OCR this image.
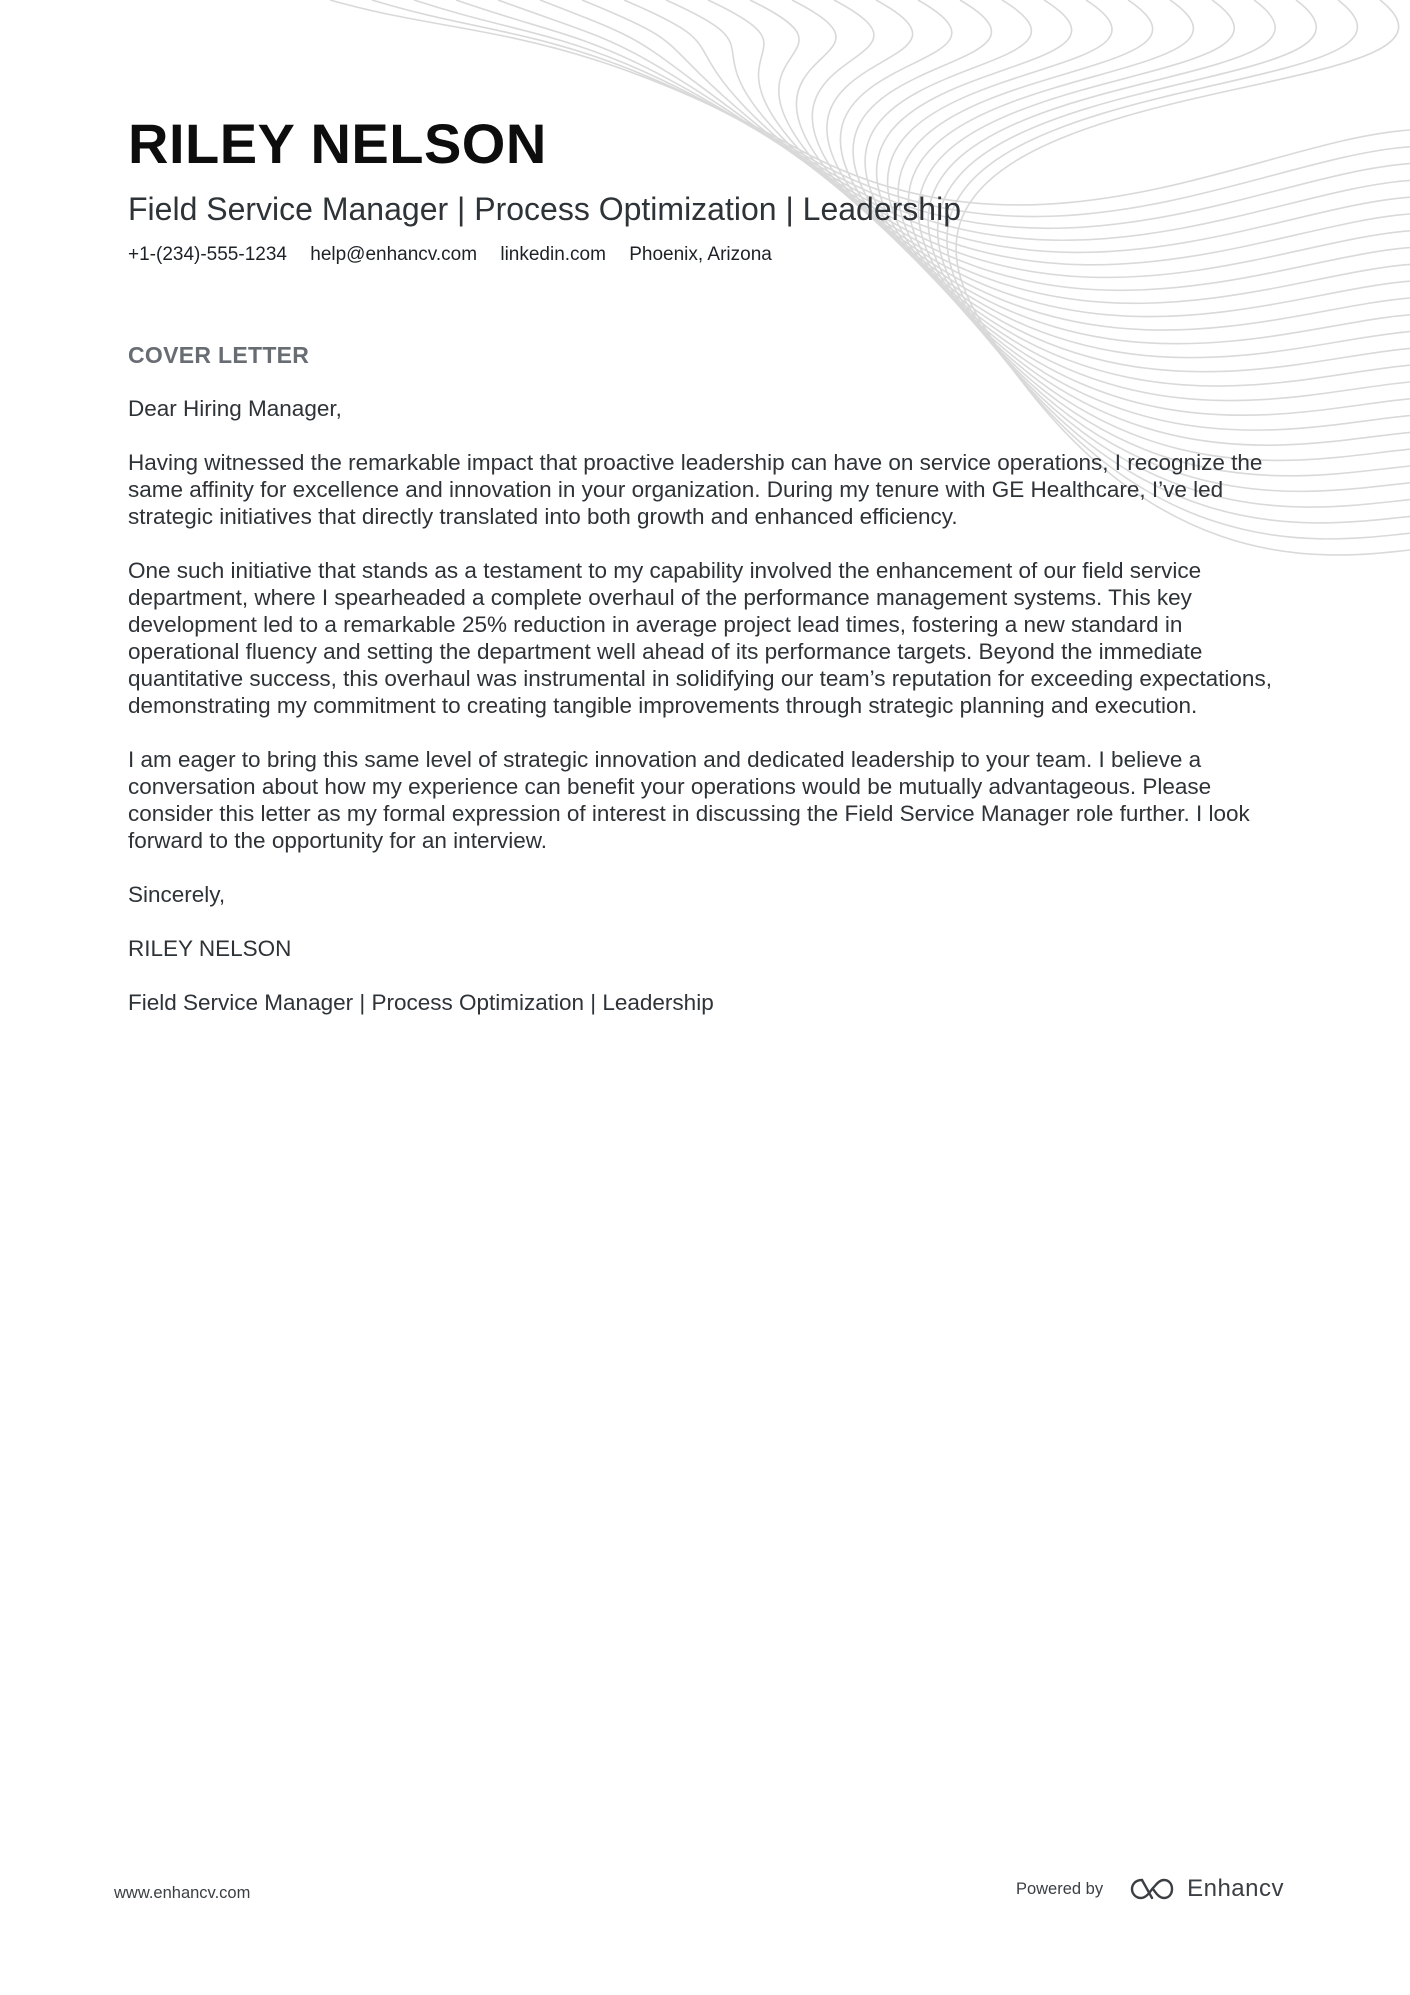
RILEY NELSON
Field Service Manager | Process Optimization | Leadership
+1-(234)-555-1234 help@enhancv.com linkedin.com Phoenix, Arizona
COVER LETTER

Dear Hiring Manager,

Having witnessed the remarkable impact that proactive leadership can have on service operations, I recognize the same affinity for excellence and innovation in your organization. During my tenure with GE Healthcare, I’ve led strategic initiatives that directly translated into both growth and enhanced efficiency.

One such initiative that stands as a testament to my capability involved the enhancement of our field service department, where I spearheaded a complete overhaul of the performance management systems. This key development led to a remarkable 25% reduction in average project lead times, fostering a new standard in operational fluency and setting the department well ahead of its performance targets. Beyond the immediate quantitative success, this overhaul was instrumental in solidifying our team’s reputation for exceeding expectations, demonstrating my commitment to creating tangible improvements through strategic planning and execution.

I am eager to bring this same level of strategic innovation and dedicated leadership to your team. I believe a conversation about how my experience can benefit your operations would be mutually advantageous. Please consider this letter as my formal expression of interest in discussing the Field Service Manager role further. I look forward to the opportunity for an interview.

Sincerely,

RILEY NELSON

Field Service Manager | Process Optimization | Leadership

www.enhancv.com	Powered by	Enhancv
